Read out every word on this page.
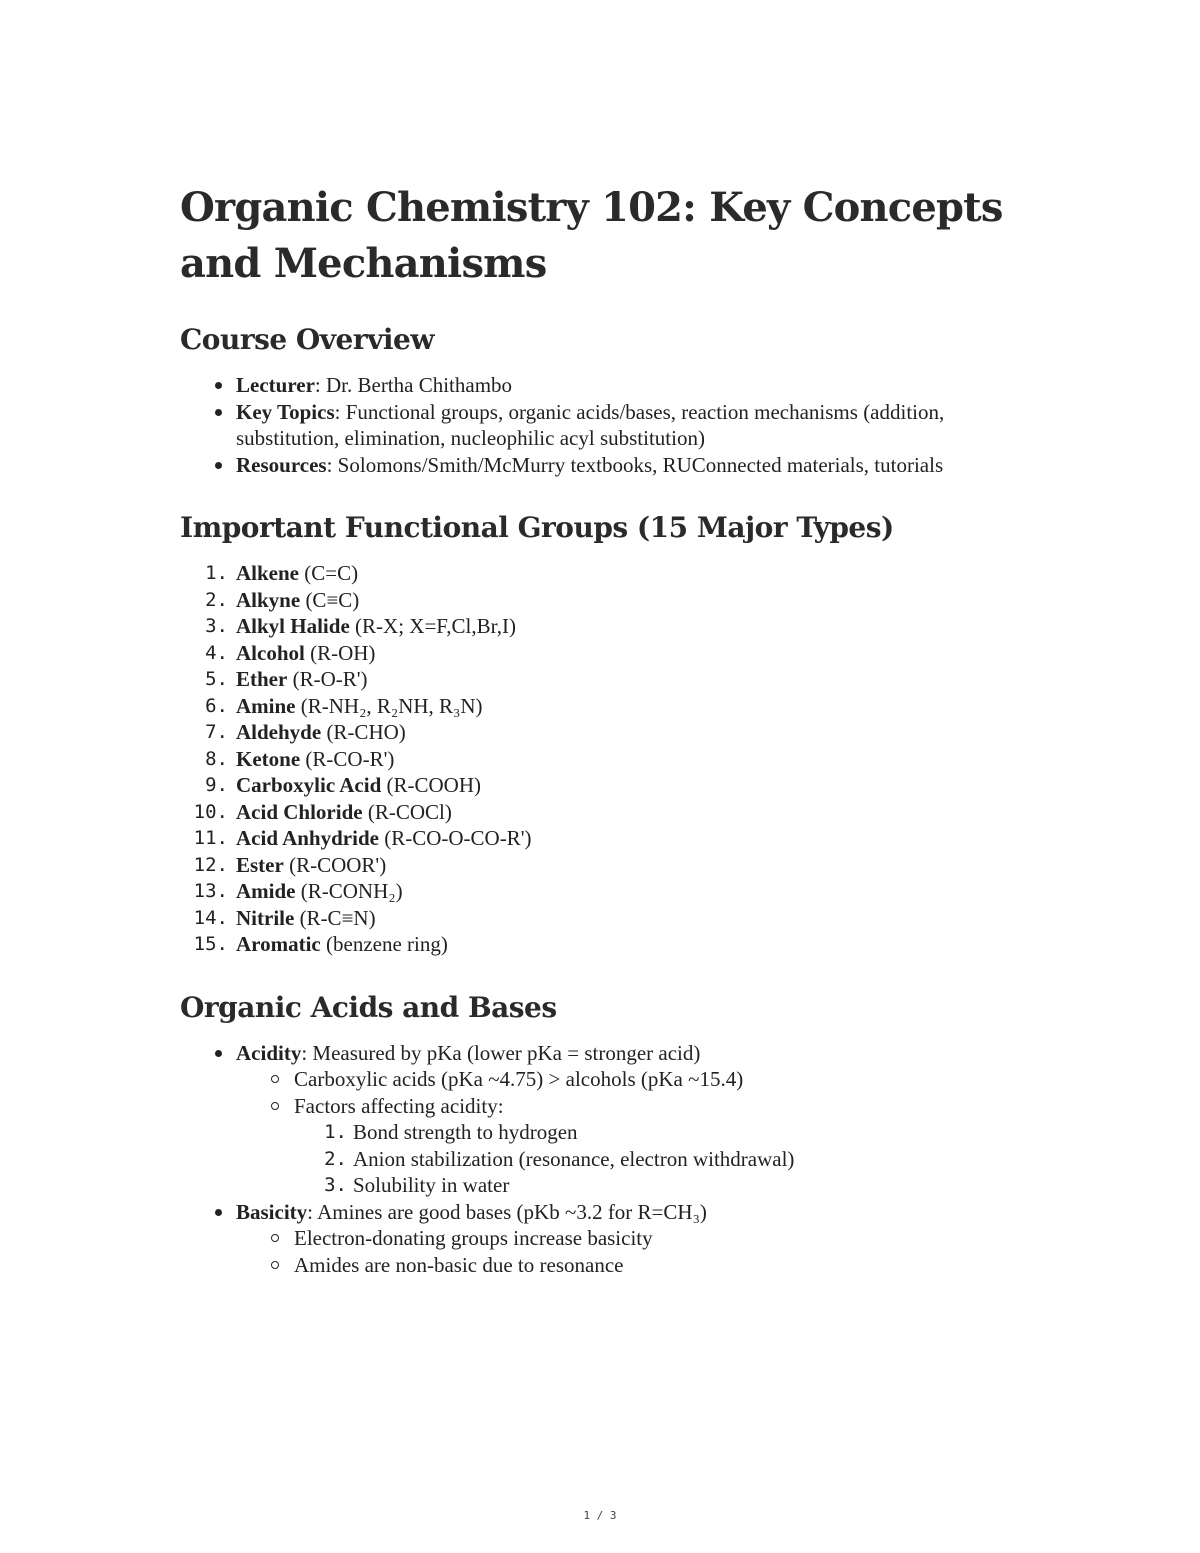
Organic Chemistry 102: Key Concepts and Mechanisms
Course Overview
Lecturer: Dr. Bertha Chithambo
Key Topics: Functional groups, organic acids/bases, reaction mechanisms (addition, substitution, elimination, nucleophilic acyl substitution)
Resources: Solomons/Smith/McMurry textbooks, RUConnected materials, tutorials
Important Functional Groups (15 Major Types)
1. Alkene (C=C)
2. Alkyne (C≡C)
3. Alkyl Halide (R-X; X=F,Cl,Br,I)
4. Alcohol (R-OH)
5. Ether (R-O-R')
6. Amine (R-NH₂, R₂NH, R₃N)
7. Aldehyde (R-CHO)
8. Ketone (R-CO-R')
9. Carboxylic Acid (R-COOH)
10. Acid Chloride (R-COCl)
11. Acid Anhydride (R-CO-O-CO-R')
12. Ester (R-COOR')
13. Amide (R-CONH₂)
14. Nitrile (R-C≡N)
15. Aromatic (benzene ring)
Organic Acids and Bases
Acidity: Measured by pKa (lower pKa = stronger acid)
Carboxylic acids (pKa ~4.75) > alcohols (pKa ~15.4)
Factors affecting acidity:
1. Bond strength to hydrogen
2. Anion stabilization (resonance, electron withdrawal)
3. Solubility in water
Basicity: Amines are good bases (pKb ~3.2 for R=CH₃)
Electron-donating groups increase basicity
Amides are non-basic due to resonance
1 / 3
